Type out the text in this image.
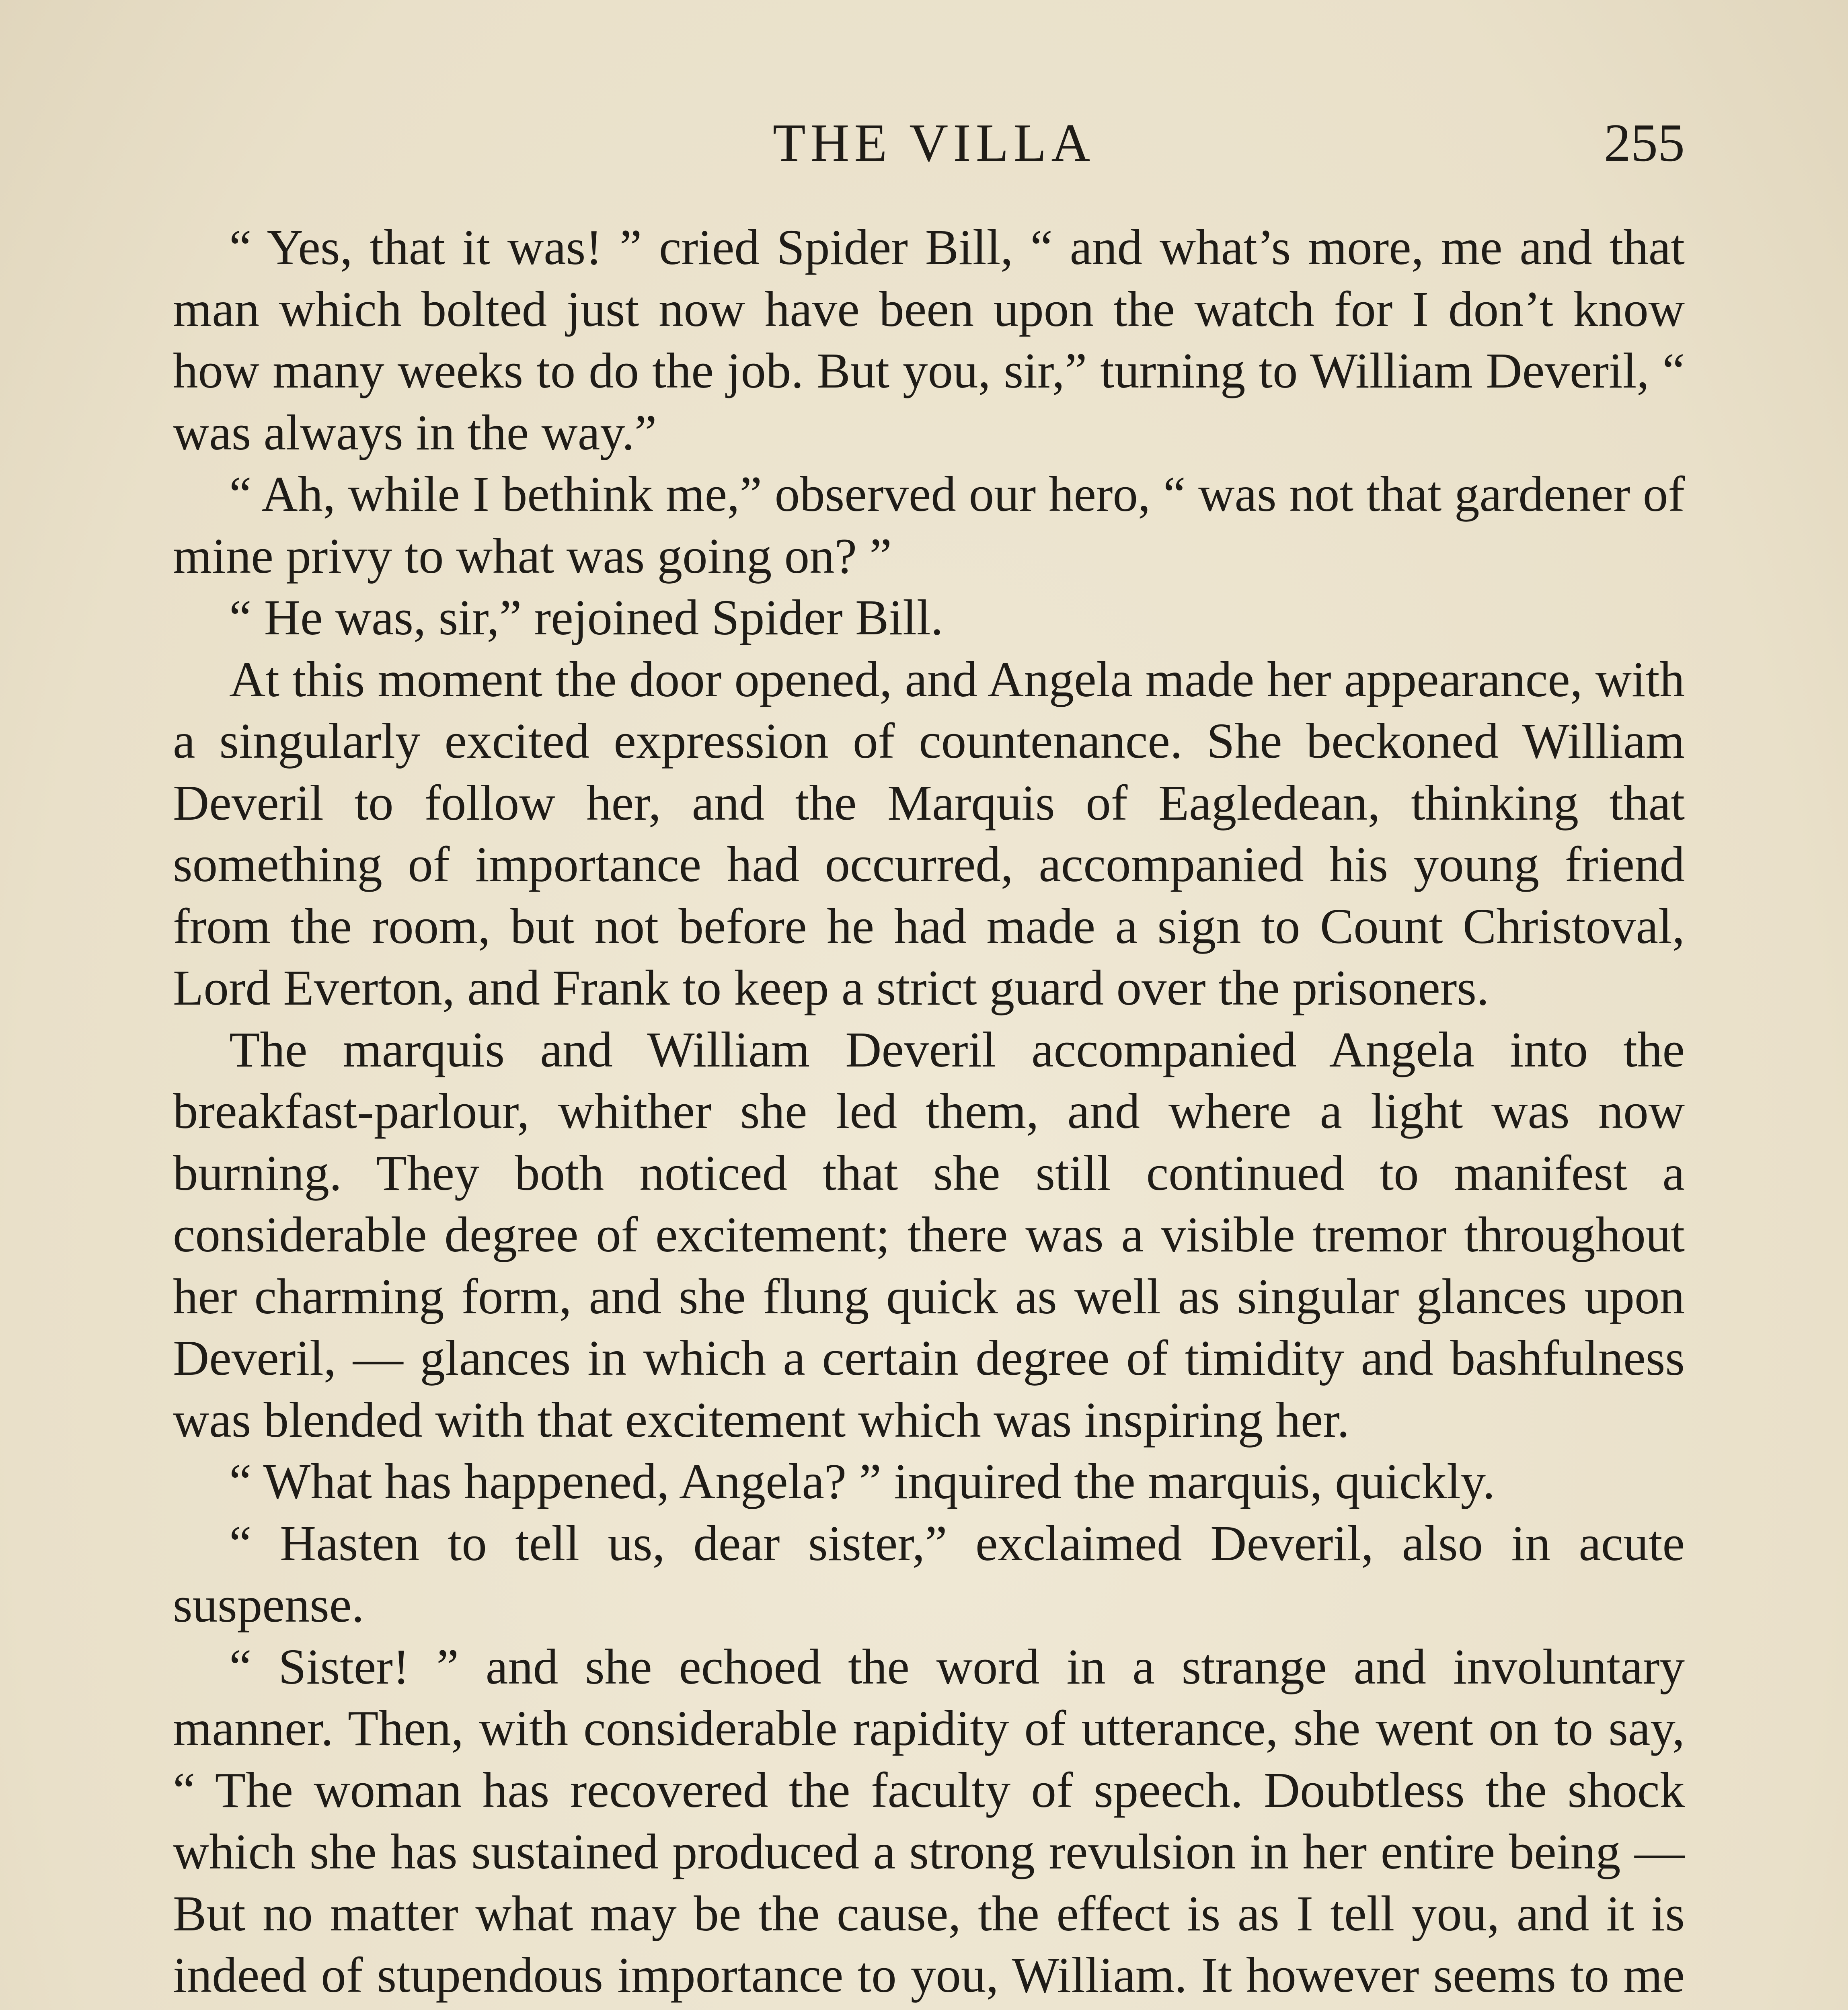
THE VILLA	255

“ Yes, that it was! ” cried Spider Bill, “ and what’s more, me and that man which bolted just now have been upon the watch for I don’t know how many weeks to do the job. But you, sir,” turning to William Deveril, “ was always in the way.”

“ Ah, while I bethink me,” observed our hero, “ was not that gardener of mine privy to what was going on? ”

“ He was, sir,” rejoined Spider Bill.

At this moment the door opened, and Angela made her appearance, with a singularly excited expression of countenance. She beckoned William Deveril to follow her, and the Marquis of Eagledean, thinking that something of importance had occurred, accompanied his young friend from the room, but not before he had made a sign to Count Christoval, Lord Everton, and Frank to keep a strict guard over the prisoners.

The marquis and William Deveril accompanied Angela into the breakfast-parlour, whither she led them, and where a light was now burning. They both noticed that she still continued to manifest a considerable degree of excitement; there was a visible tremor throughout her charming form, and she flung quick as well as singular glances upon Deveril, — glances in which a certain degree of timidity and bashfulness was blended with that excitement which was inspiring her.

“ What has happened, Angela? ” inquired the marquis, quickly.

“ Hasten to tell us, dear sister,” exclaimed Deveril, also in acute suspense.

“ Sister! ” and she echoed the word in a strange and involuntary manner. Then, with considerable rapidity of utterance, she went on to say, “ The woman has recovered the faculty of speech. Doubtless the shock which she has sustained produced a strong revulsion in her entire being — But no matter what may be the cause, the effect is as I tell you, and it is indeed of stupendous importance to you, William. It however seems to me
